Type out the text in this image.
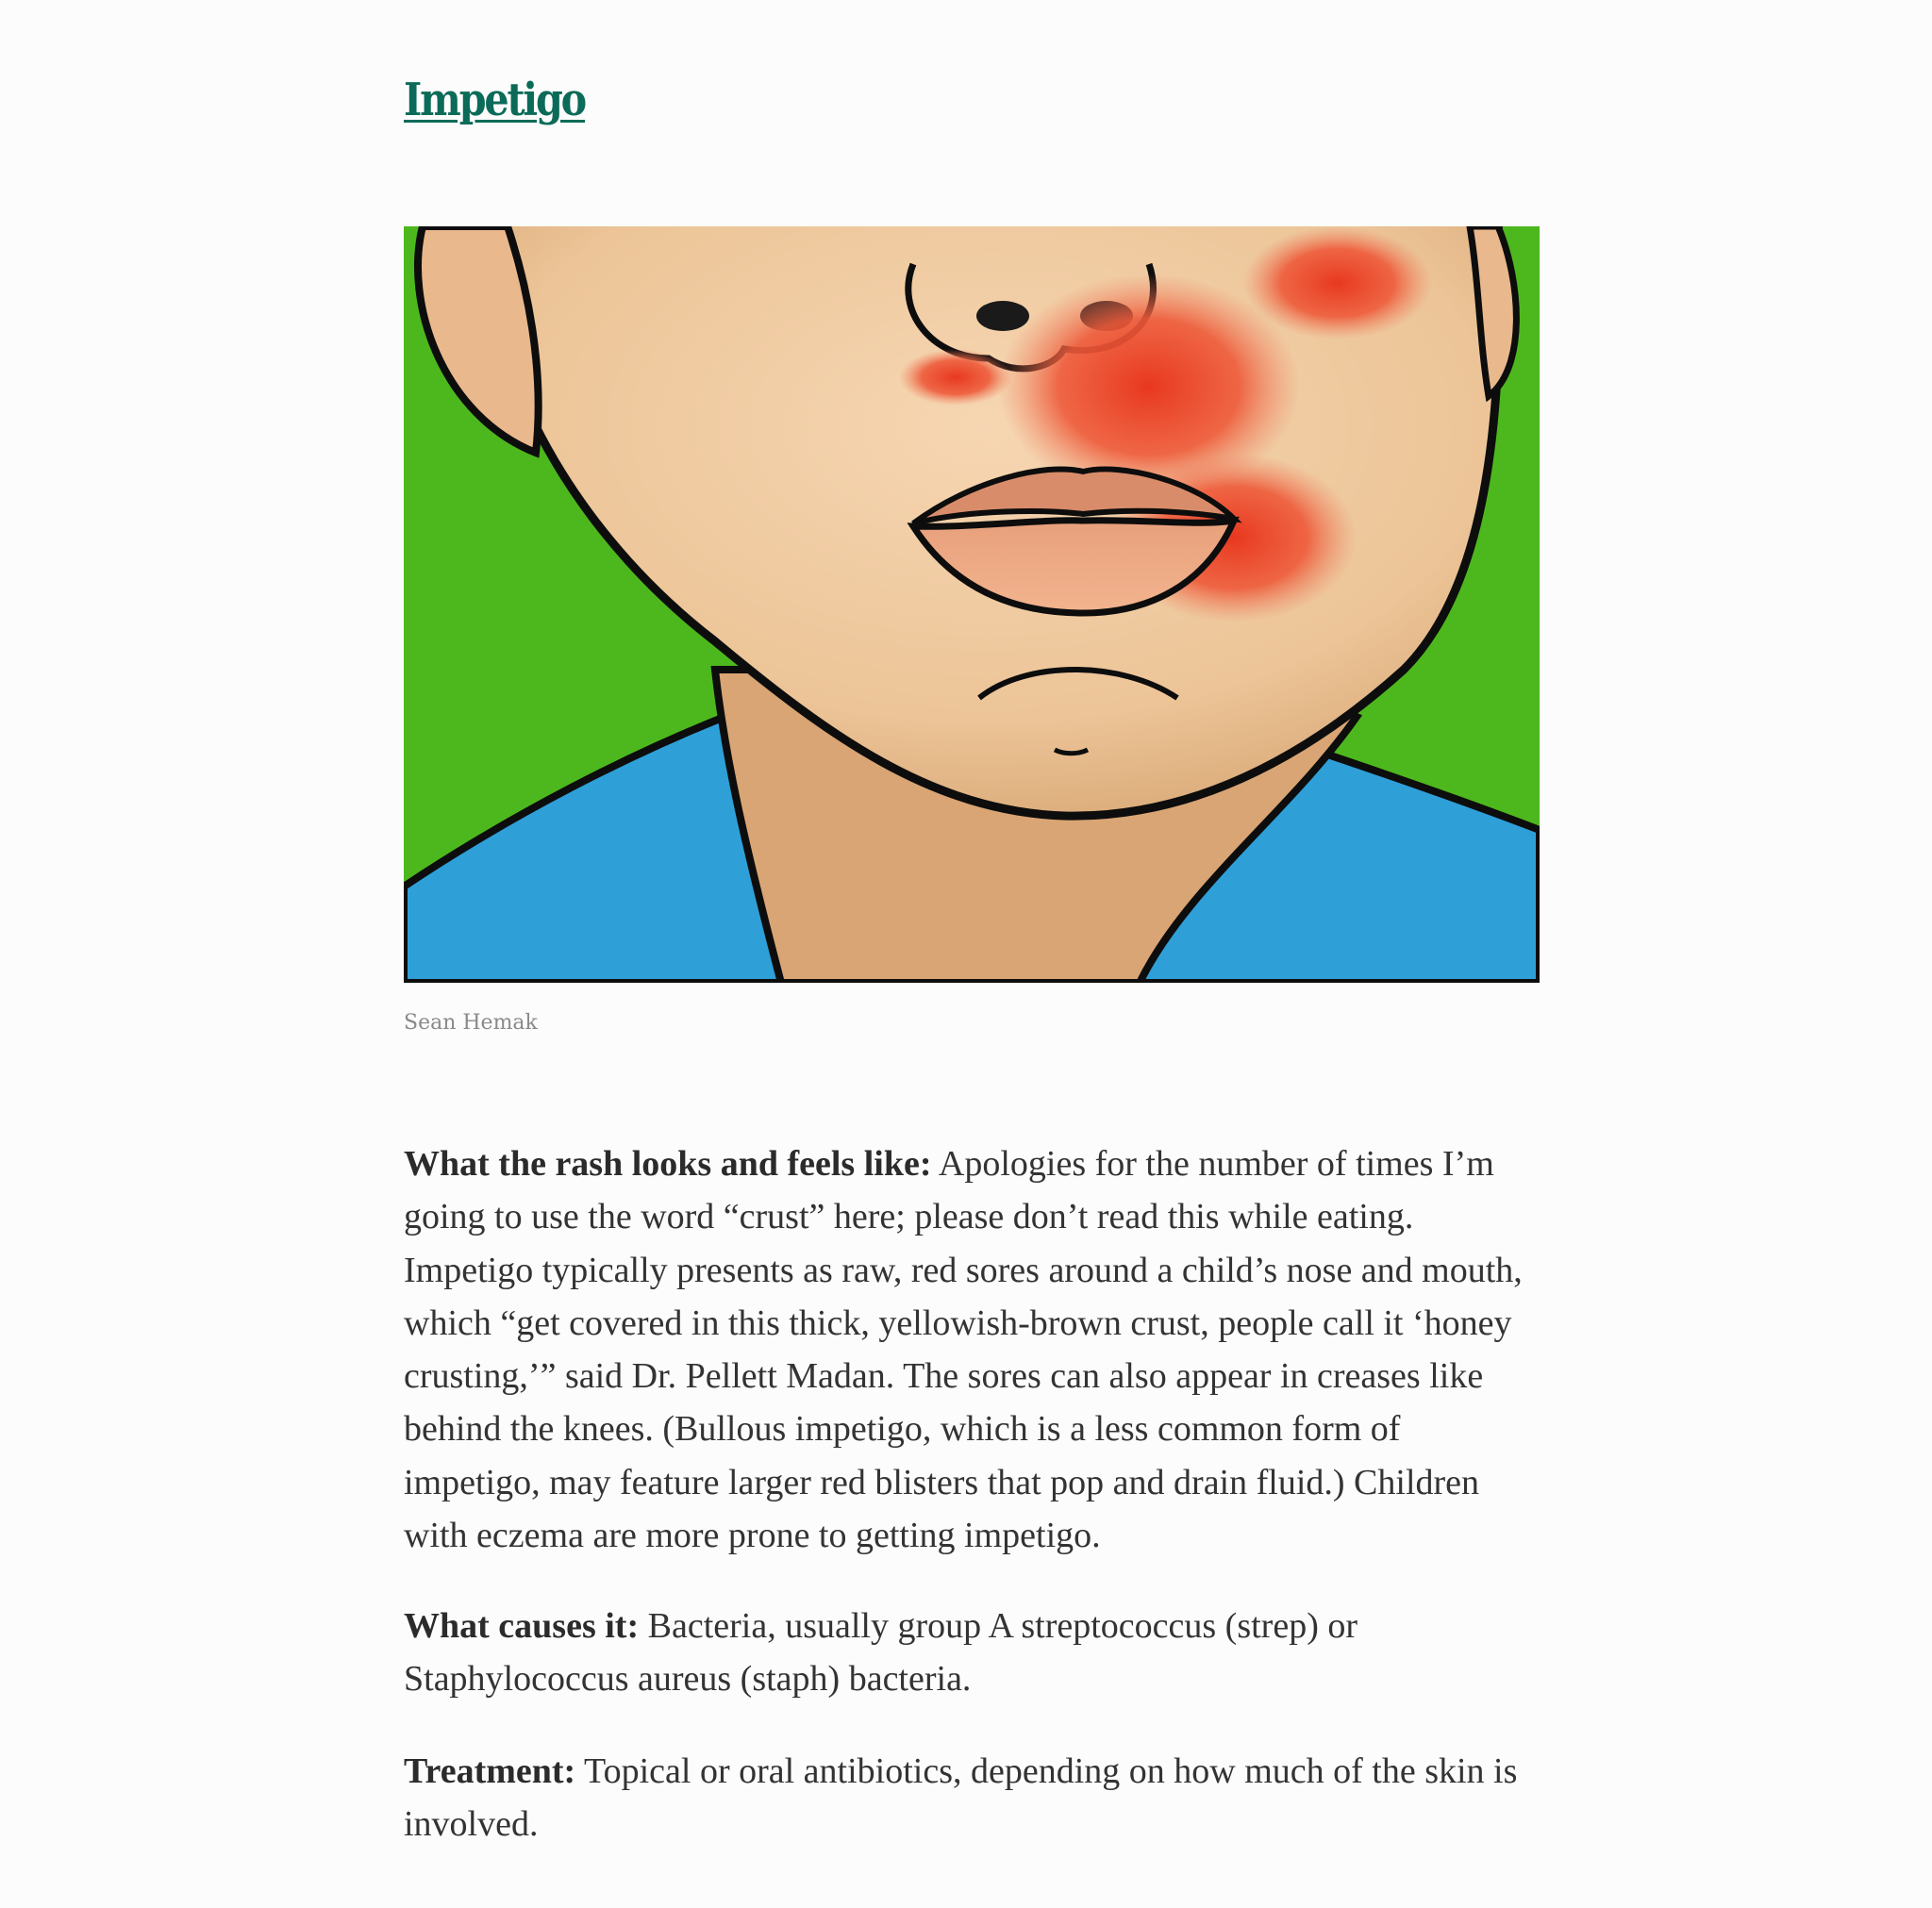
Impetigo
Sean Hemak

What the rash looks and feels like: Apologies for the number of times I’m going to use the word “crust” here; please don’t read this while eating. Impetigo typically presents as raw, red sores around a child’s nose and mouth, which “get covered in this thick, yellowish-brown crust, people call it ‘honey crusting,’” said Dr. Pellett Madan. The sores can also appear in creases like behind the knees. (Bullous impetigo, which is a less common form of impetigo, may feature larger red blisters that pop and drain fluid.) Children with eczema are more prone to getting impetigo.

What causes it: Bacteria, usually group A streptococcus (strep) or Staphylococcus aureus (staph) bacteria.

Treatment: Topical or oral antibiotics, depending on how much of the skin is involved.
